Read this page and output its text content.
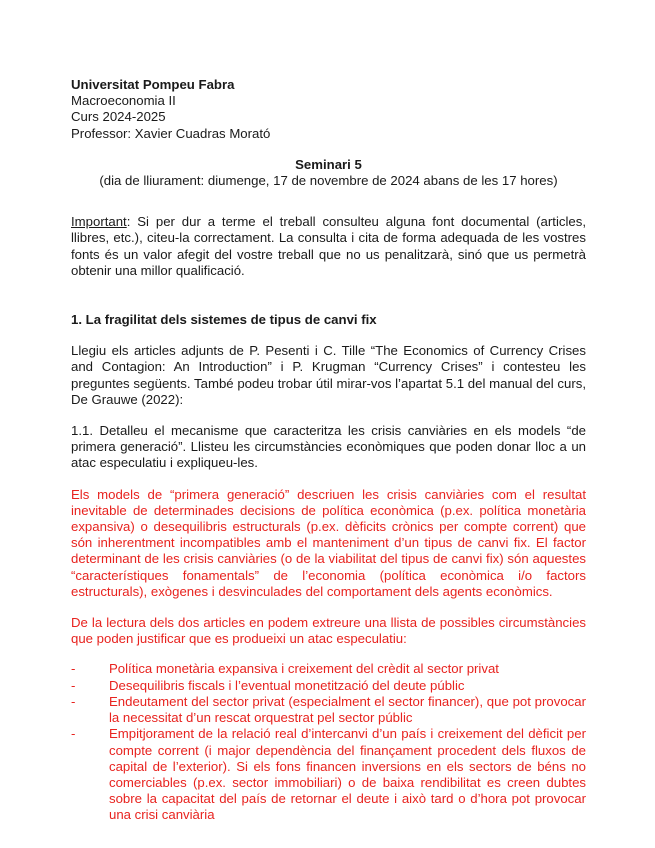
Universitat Pompeu Fabra

Macroeconomia II

Curs 2024-2025

Professor: Xavier Cuadras Morató

Seminari 5

(dia de lliurament: diumenge, 17 de novembre de 2024 abans de les 17 hores)

Important: Si per dur a terme el treball consulteu alguna font documental (articles, llibres, etc.), citeu-la correctament. La consulta i cita de forma adequada de les vostres fonts és un valor afegit del vostre treball que no us penalitzarà, sinó que us permetrà obtenir una millor qualificació.

1. La fragilitat dels sistemes de tipus de canvi fix

Llegiu els articles adjunts de P. Pesenti i C. Tille “The Economics of Currency Crises and Contagion: An Introduction” i P. Krugman “Currency Crises” i contesteu les preguntes següents. També podeu trobar útil mirar-vos l’apartat 5.1 del manual del curs, De Grauwe (2022):

1.1. Detalleu el mecanisme que caracteritza les crisis canviàries en els models “de primera generació”. Llisteu les circumstàncies econòmiques que poden donar lloc a un atac especulatiu i expliqueu-les.

Els models de “primera generació” descriuen les crisis canviàries com el resultat inevitable de determinades decisions de política econòmica (p.ex. política monetària expansiva) o desequilibris estructurals (p.ex. dèficits crònics per compte corrent) que són inherentment incompatibles amb el manteniment d’un tipus de canvi fix. El factor determinant de les crisis canviàries (o de la viabilitat del tipus de canvi fix) són aquestes “característiques fonamentals” de l’economia (política econòmica i/o factors estructurals), exògenes i desvinculades del comportament dels agents econòmics.

De la lectura dels dos articles en podem extreure una llista de possibles circumstàncies que poden justificar que es produeixi un atac especulatiu:

-	Política monetària expansiva i creixement del crèdit al sector privat
-	Desequilibris fiscals i l’eventual monetització del deute públic
-	Endeutament del sector privat (especialment el sector financer), que pot provocar la necessitat d’un rescat orquestrat pel sector públic
-	Empitjorament de la relació real d’intercanvi d’un país i creixement del dèficit per compte corrent (i major dependència del finançament procedent dels fluxos de capital de l’exterior). Si els fons financen inversions en els sectors de béns no comerciables (p.ex. sector immobiliari) o de baixa rendibilitat es creen dubtes sobre la capacitat del país de retornar el deute i això tard o d’hora pot provocar una crisi canviària
